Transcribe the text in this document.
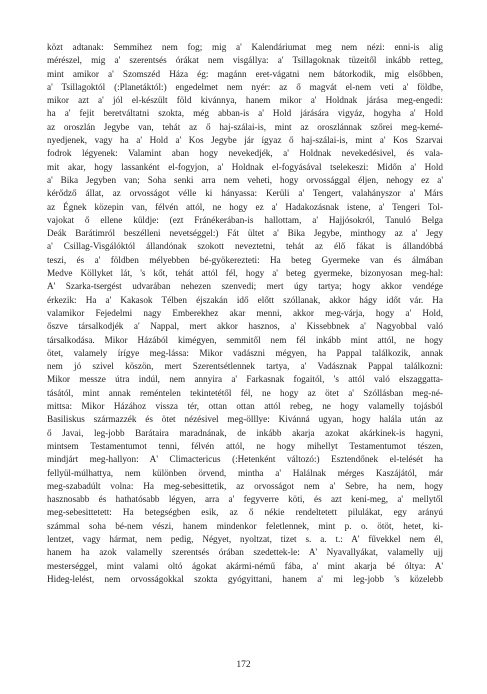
közt adtanak: Semmihez nem fog; mig a' Kalendáriumat meg nem nézi: enni-is alig
mérészel, mig a' szerentsés órákat nem visgállya: a' Tsillagoknak tüzeitől inkább retteg,
mint amikor a' Szomszéd Háza ég: magánn eret-vágatni nem bátorkodik, mig elsőbben,
a' Tsillagoktól (:Planetáktól:) engedelmet nem nyér: az ő magvát el-nem veti a' földbe,
mikor azt a' jól el-készült föld kivánnya, hanem mikor a' Holdnak járása meg-engedi:
ha a' fejit beretváltatni szokta, még abban-is a' Hold járására vigyáz, hogyha a' Hold
az oroszlán Jegybe van, tehát az ő haj-szálai-is, mint az oroszlánnak szőrei meg-kemé-
nyedjenek, vagy ha a' Hold a' Kos Jegybe jár ígyaz ő haj-szálai-is, mint a' Kos Szarvai
fodrok légyenek: Valamint aban hogy nevekedjék, a' Holdnak nevekedésivel, és vala-
mit akar, hogy lassanként el-fogyjon, a' Holdnak el-fogyásával tselekeszi: Midőn a' Hold
a' Bika Jegyben van; Soha senki arra nem veheti, hogy orvossággal éljen, nehogy ez a'
kérődző állat, az orvosságot vélle ki hányassa: Kerüli a' Tengert, valahányszor a' Márs
az Égnek közepin van, félvén attól, ne hogy ez a' Hadakozásnak istene, a' Tengeri Tol-
vajokat ő ellene küldje: (ezt Fránékerában-is hallottam, a' Hajjósokról, Tanuló Belga
Deák Barátimról beszélleni nevetséggel:) Fát ültet a' Bika Jegybe, minthogy az a' Jegy
a' Csillag-Visgálóktól állandónak szokott neveztetni, tehát az élő fákat is állandóbbá
teszi, és a' földben mélyebben bé-gyökerezteti: Ha beteg Gyermeke van és álmában
Medve Köllyket lát, 's kőt, tehát attól fél, hogy a' beteg gyermeke, bizonyosan meg-hal:
A' Szarka-tsergést udvarában nehezen szenvedi; mert úgy tartya; hogy akkor vendége
érkezik: Ha a' Kakasok Télben éjszakán idő előtt szóllanak, akkor hágy időt vár. Ha
valamikor Fejedelmi nagy Emberekhez akar menni, akkor meg-várja, hogy a' Hold,
őszve társalkodjék a' Nappal, mert akkor hasznos, a' Kissebbnek a' Nagyobbal való
társalkodása. Mikor Házából kimégyen, semmitől nem fél inkább mint attól, ne hogy
ötet, valamely írígye meg-lássa: Mikor vadászni mégyen, ha Pappal találkozik, annak
nem jó szivel köszön, mert Szerentsétlennek tartya, a' Vadásznak Pappal találkozni:
Mikor messze útra indúl, nem annyira a' Farkasnak fogaitól, 's attól való elszaggatta-
tásától, mint annak reméntelen tekintetétől fél, ne hogy az ötet a' Szóllásban meg-né-
mittsa: Mikor Házához vissza tér, ottan ottan attól rebeg, ne hogy valamelly tojásból
Basiliskus származzék és ötet nézésivel meg-ölllye: Kivánná ugyan, hogy halála után az
ő Javai, leg-jobb Barátaira maradnának, de inkább akarja azokat akárkinek-is hagyni,
mintsem Testamentumot tenni, félvén attól, ne hogy mihellyt Testamentumot tészen,
mindjárt meg-hallyon: A' Climactericus (:Hetenként változó:) Esztendőnek el-telését ha
fellyül-múlhattya, nem különben örvend, mintha a' Halálnak mérges Kaszájától, már
meg-szabadúlt volna: Ha meg-sebesittetik, az orvosságot nem a' Sebre, ha nem, hogy
hasznosabb és hathatósabb légyen, arra a' fegyverre köti, és azt keni-meg, a' mellytől
meg-sebesittetett: Ha betegségben esik, az ő nékie rendeltetett pilulákat, egy arányú
számmal soha bé-nem vészi, hanem mindenkor feletlennek, mint p. o. ötöt, hetet, ki-
lentzet, vagy hármat, nem pedig, Négyet, nyoltzat, tizet s. a. t.: A' fűvekkel nem él,
hanem ha azok valamelly szerentsés órában szedettek-le: A' Nyavallyákat, valamelly ujj
mesterséggel, mint valami oltó ágokat akármi-némű fába, a' mint akarja bé óltya: A'
Hideg-lelést, nem orvosságokkal szokta gyógyittani, hanem a' mi leg-jobb 's közelebb
172
